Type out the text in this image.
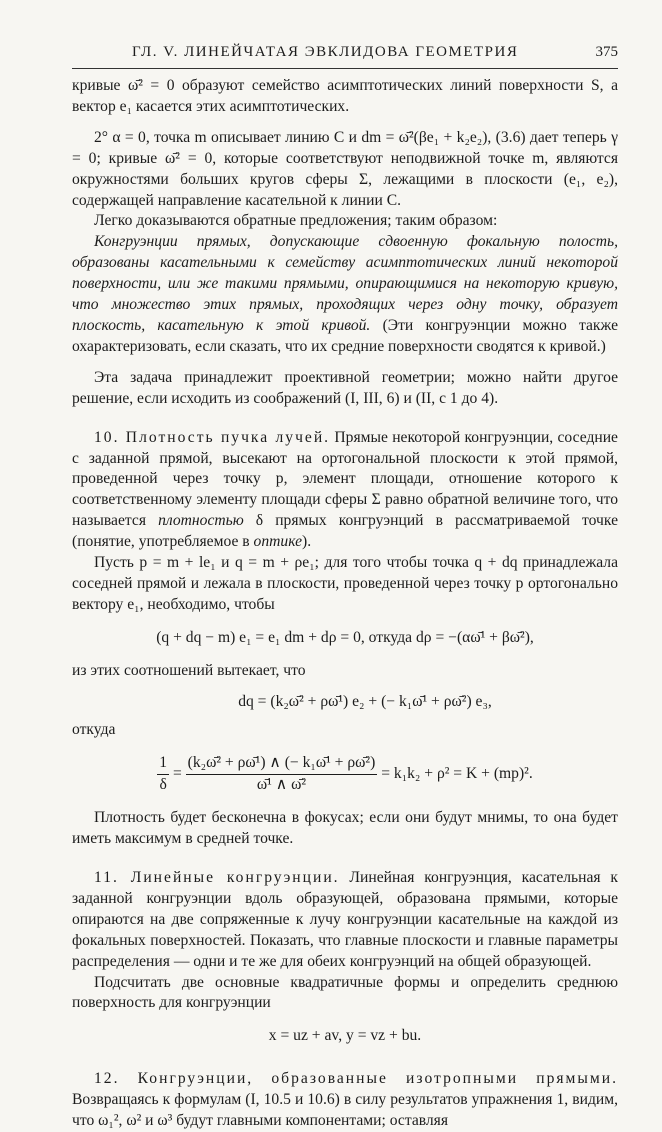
ГЛ. V. ЛИНЕЙЧАТАЯ ЭВКЛИДОВА ГЕОМЕТРИЯ	375

кривые ω̄² = 0 образуют семейство асимптотических линий поверхности S, а вектор e₁ касается этих асимптотических.

2° α = 0, точка m описывает линию C и dm = ω̄²(βe₁ + k₂e₂), (3.6) дает теперь γ = 0; кривые ω̄² = 0, которые соответствуют неподвижной точке m, являются окружностями больших кругов сферы Σ, лежащими в плоскости (e₁, e₂), содержащей направление касательной к линии C.

Легко доказываются обратные предложения; таким образом:

Конгруэнции прямых, допускающие сдвоенную фокальную полость, образованы касательными к семейству асимптотических линий некоторой поверхности, или же такими прямыми, опирающимися на некоторую кривую, что множество этих прямых, проходящих через одну точку, образует плоскость, касательную к этой кривой. (Эти конгруэнции можно также охарактеризовать, если сказать, что их средние поверхности сводятся к кривой.)

Эта задача принадлежит проективной геометрии; можно найти другое решение, если исходить из соображений (I, III, 6) и (II, с 1 до 4).

10. Плотность пучка лучей. Прямые некоторой конгруэнции, соседние с заданной прямой, высекают на ортогональной плоскости к этой прямой, проведенной через точку p, элемент площади, отношение которого к соответственному элементу площади сферы Σ равно обратной величине того, что называется плотностью δ прямых конгруэнций в рассматриваемой точке (понятие, употребляемое в оптике).

Пусть p = m + le₁ и q = m + ρe₁; для того чтобы точка q + dq принадлежала соседней прямой и лежала в плоскости, проведенной через точку p ортогонально вектору e₁, необходимо, чтобы

(q + dq − m) e₁ = e₁ dm + dρ = 0, откуда dρ = −(αω̄¹ + βω̄²),

из этих соотношений вытекает, что

dq = (k₂ω̄² + ρω̄¹) e₂ + (− k₁ω̄¹ + ρω̄²) e₃,

откуда

$\frac{1}{\delta} = \frac{\text{(k₂ω̄² + ρω̄¹) ∧ (− k₁ω̄¹ + ρω̄²)}}{\text{ω̄¹ ∧ ω̄²}} = k_1k_2 + \rho^2 = K + (mp)^2$.

Плотность будет бесконечна в фокусах; если они будут мнимы, то она будет иметь максимум в средней точке.

11. Линейные конгруэнции. Линейная конгруэнция, касательная к заданной конгруэнции вдоль образующей, образована прямыми, которые опираются на две сопряженные к лучу конгруэнции касательные на каждой из фокальных поверхностей. Показать, что главные плоскости и главные параметры распределения — одни и те же для обеих конгруэнций на общей образующей.

Подсчитать две основные квадратичные формы и определить среднюю поверхность для конгруэнции

x = uz + av, y = vz + bu.

12. Конгруэнции, образованные изотропными прямыми. Возвращаясь к формулам (I, 10.5 и 10.6) в силу результатов упражнения 1, видим, что ω₁², ω² и ω³ будут главными компонентами; оставляя
